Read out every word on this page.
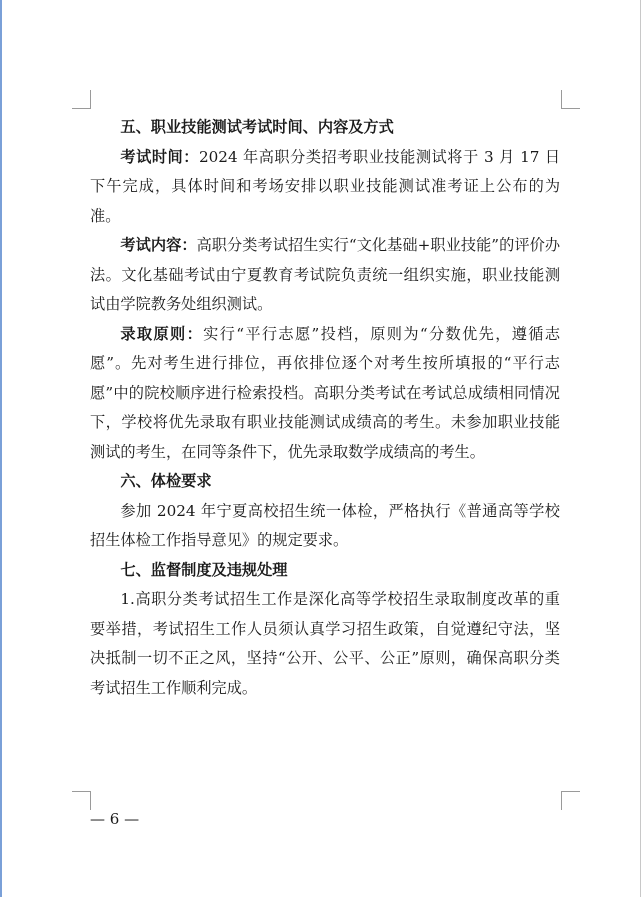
五、职业技能测试考试时间、内容及方式

考试时间：2024 年高职分类招考职业技能测试将于 3 月 17 日下午完成，具体时间和考场安排以职业技能测试准考证上公布的为准。

考试内容：高职分类考试招生实行“文化基础+职业技能”的评价办法。文化基础考试由宁夏教育考试院负责统一组织实施，职业技能测试由学院教务处组织测试。

录取原则：实行“平行志愿”投档，原则为“分数优先，遵循志愿”。先对考生进行排位，再依排位逐个对考生按所填报的“平行志愿”中的院校顺序进行检索投档。高职分类考试在考试总成绩相同情况下，学校将优先录取有职业技能测试成绩高的考生。未参加职业技能测试的考生，在同等条件下，优先录取数学成绩高的考生。

六、体检要求

参加 2024 年宁夏高校招生统一体检，严格执行《普通高等学校招生体检工作指导意见》的规定要求。

七、监督制度及违规处理

1.高职分类考试招生工作是深化高等学校招生录取制度改革的重要举措，考试招生工作人员须认真学习招生政策，自觉遵纪守法，坚决抵制一切不正之风，坚持“公开、公平、公正”原则，确保高职分类考试招生工作顺利完成。

— 6 —
